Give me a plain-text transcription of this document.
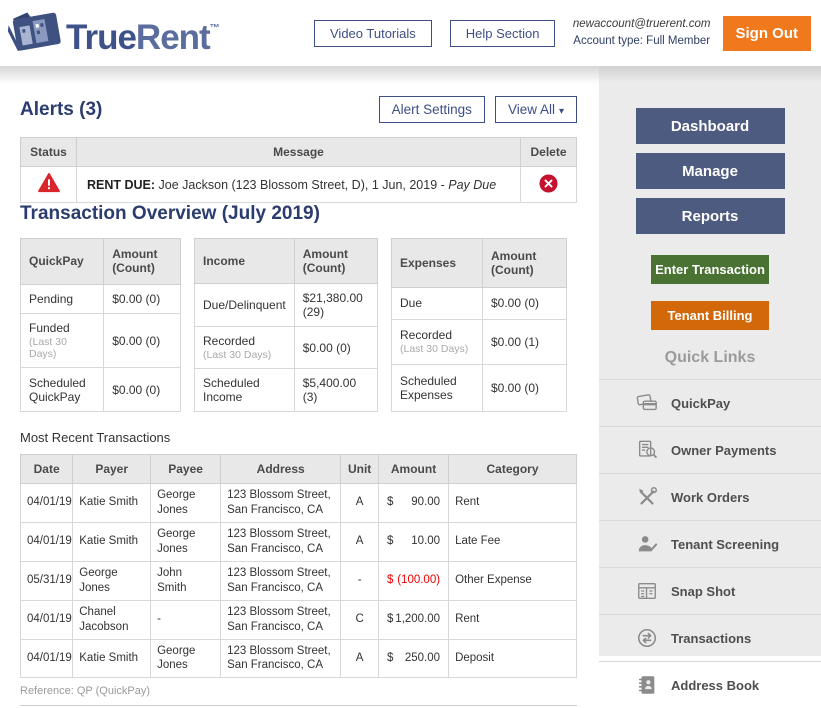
TrueRent™	Video Tutorials	Help Section
newaccount@truerent.com
Account type: Full Member	Sign Out
Alerts (3)	Alert Settings	View All ▾
Status	Message	Delete
	RENT DUE: Joe Jackson (123 Blossom Street, D), 1 Jun, 2019 - Pay Due	
Transaction Overview (July 2019)
QuickPay	Amount (Count)
Pending	$0.00 (0)
Funded
(Last 30 Days)	$0.00 (0)
Scheduled QuickPay	$0.00 (0)
Income	Amount (Count)
Due/Delinquent	$21,380.00 (29)
Recorded
(Last 30 Days)	$0.00 (0)
Scheduled Income	$5,400.00 (3)
Expenses	Amount (Count)
Due	$0.00 (0)
Recorded
(Last 30 Days)	$0.00 (1)
Scheduled Expenses	$0.00 (0)
Most Recent Transactions
Date	Payer	Payee	Address	Unit	Amount	Category
04/01/19	Katie Smith	George Jones	123 Blossom Street, San Francisco, CA	A	$ 90.00	Rent
04/01/19	Katie Smith	George Jones	123 Blossom Street, San Francisco, CA	A	$ 10.00	Late Fee
05/31/19	George Jones	John Smith	123 Blossom Street, San Francisco, CA	-	$ (100.00)	Other Expense
04/01/19	Chanel Jacobson	-	123 Blossom Street, San Francisco, CA	C	$ 1,200.00	Rent
04/01/19	Katie Smith	George Jones	123 Blossom Street, San Francisco, CA	A	$ 250.00	Deposit
Reference: QP (QuickPay)
Dashboard
Manage
Reports
Enter Transaction
Tenant Billing
Quick Links
QuickPay
Owner Payments
Work Orders
Tenant Screening
Snap Shot
Transactions
Address Book
